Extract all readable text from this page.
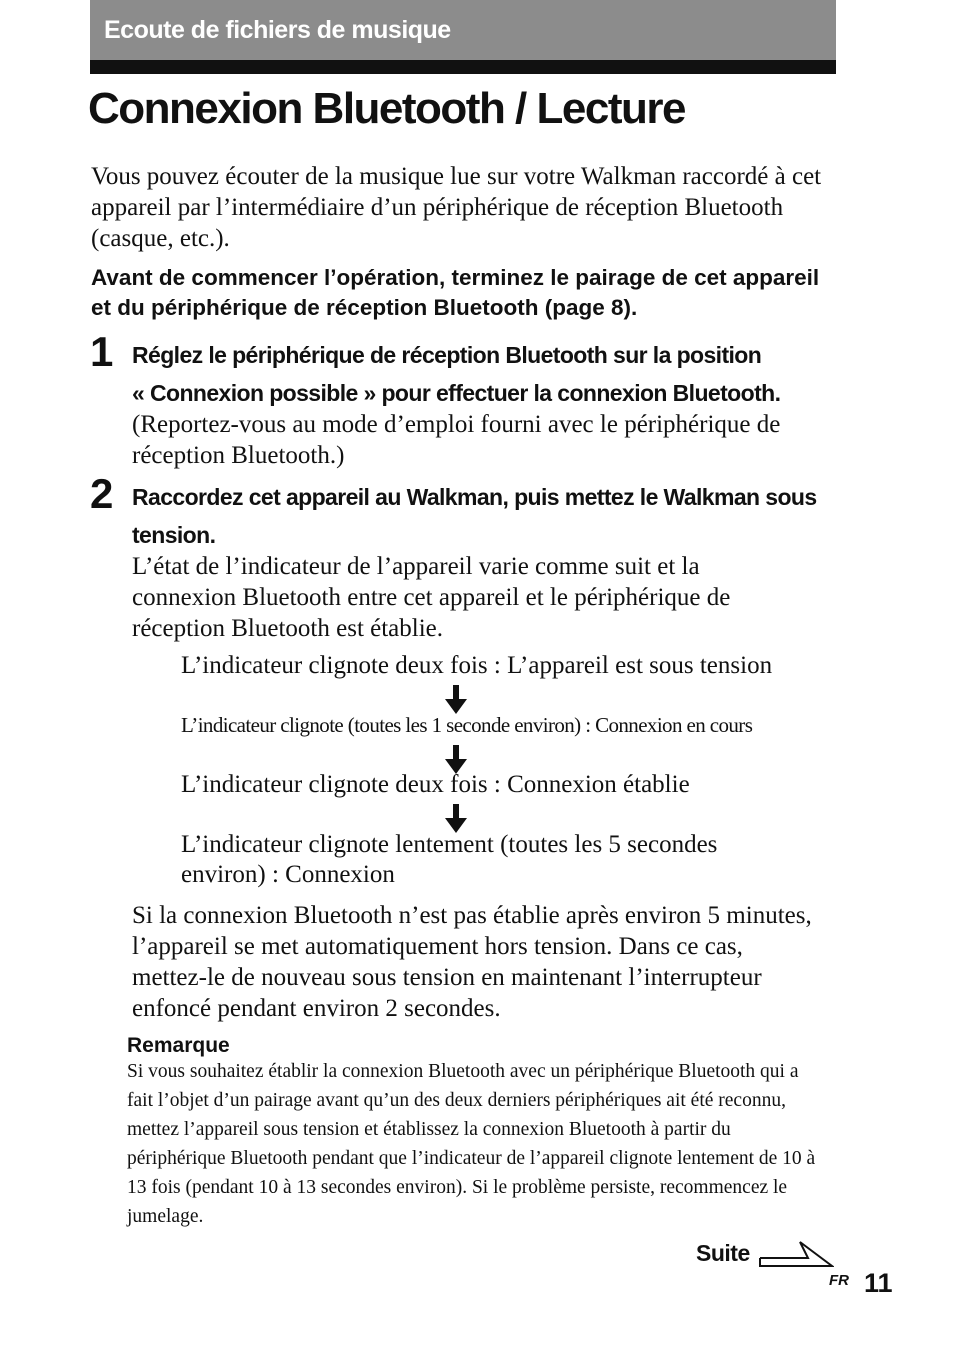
Ecoute de fichiers de musique
Connexion Bluetooth / Lecture
Vous pouvez écouter de la musique lue sur votre Walkman raccordé à cet appareil par l’intermédiaire d’un périphérique de réception Bluetooth (casque, etc.).
Avant de commencer l’opération, terminez le pairage de cet appareil et du périphérique de réception Bluetooth (page 8).
1 Réglez le périphérique de réception Bluetooth sur la position
« Connexion possible » pour effectuer la connexion Bluetooth.
(Reportez-vous au mode d’emploi fourni avec le périphérique de réception Bluetooth.)
2 Raccordez cet appareil au Walkman, puis mettez le Walkman sous
tension.
L’état de l’indicateur de l’appareil varie comme suit et la connexion Bluetooth entre cet appareil et le périphérique de réception Bluetooth est établie.
L’indicateur clignote deux fois : L’appareil est sous tension
L’indicateur clignote (toutes les 1 seconde environ) : Connexion en cours
L’indicateur clignote deux fois : Connexion établie
L’indicateur clignote lentement (toutes les 5 secondes environ) : Connexion
Si la connexion Bluetooth n’est pas établie après environ 5 minutes, l’appareil se met automatiquement hors tension. Dans ce cas, mettez-le de nouveau sous tension en maintenant l’interrupteur enfoncé pendant environ 2 secondes.
Remarque
Si vous souhaitez établir la connexion Bluetooth avec un périphérique Bluetooth qui a fait l’objet d’un pairage avant qu’un des deux derniers périphériques ait été reconnu, mettez l’appareil sous tension et établissez la connexion Bluetooth à partir du périphérique Bluetooth pendant que l’indicateur de l’appareil clignote lentement de 10 à 13 fois (pendant 10 à 13 secondes environ). Si le problème persiste, recommencez le jumelage.
Suite
FR 11
